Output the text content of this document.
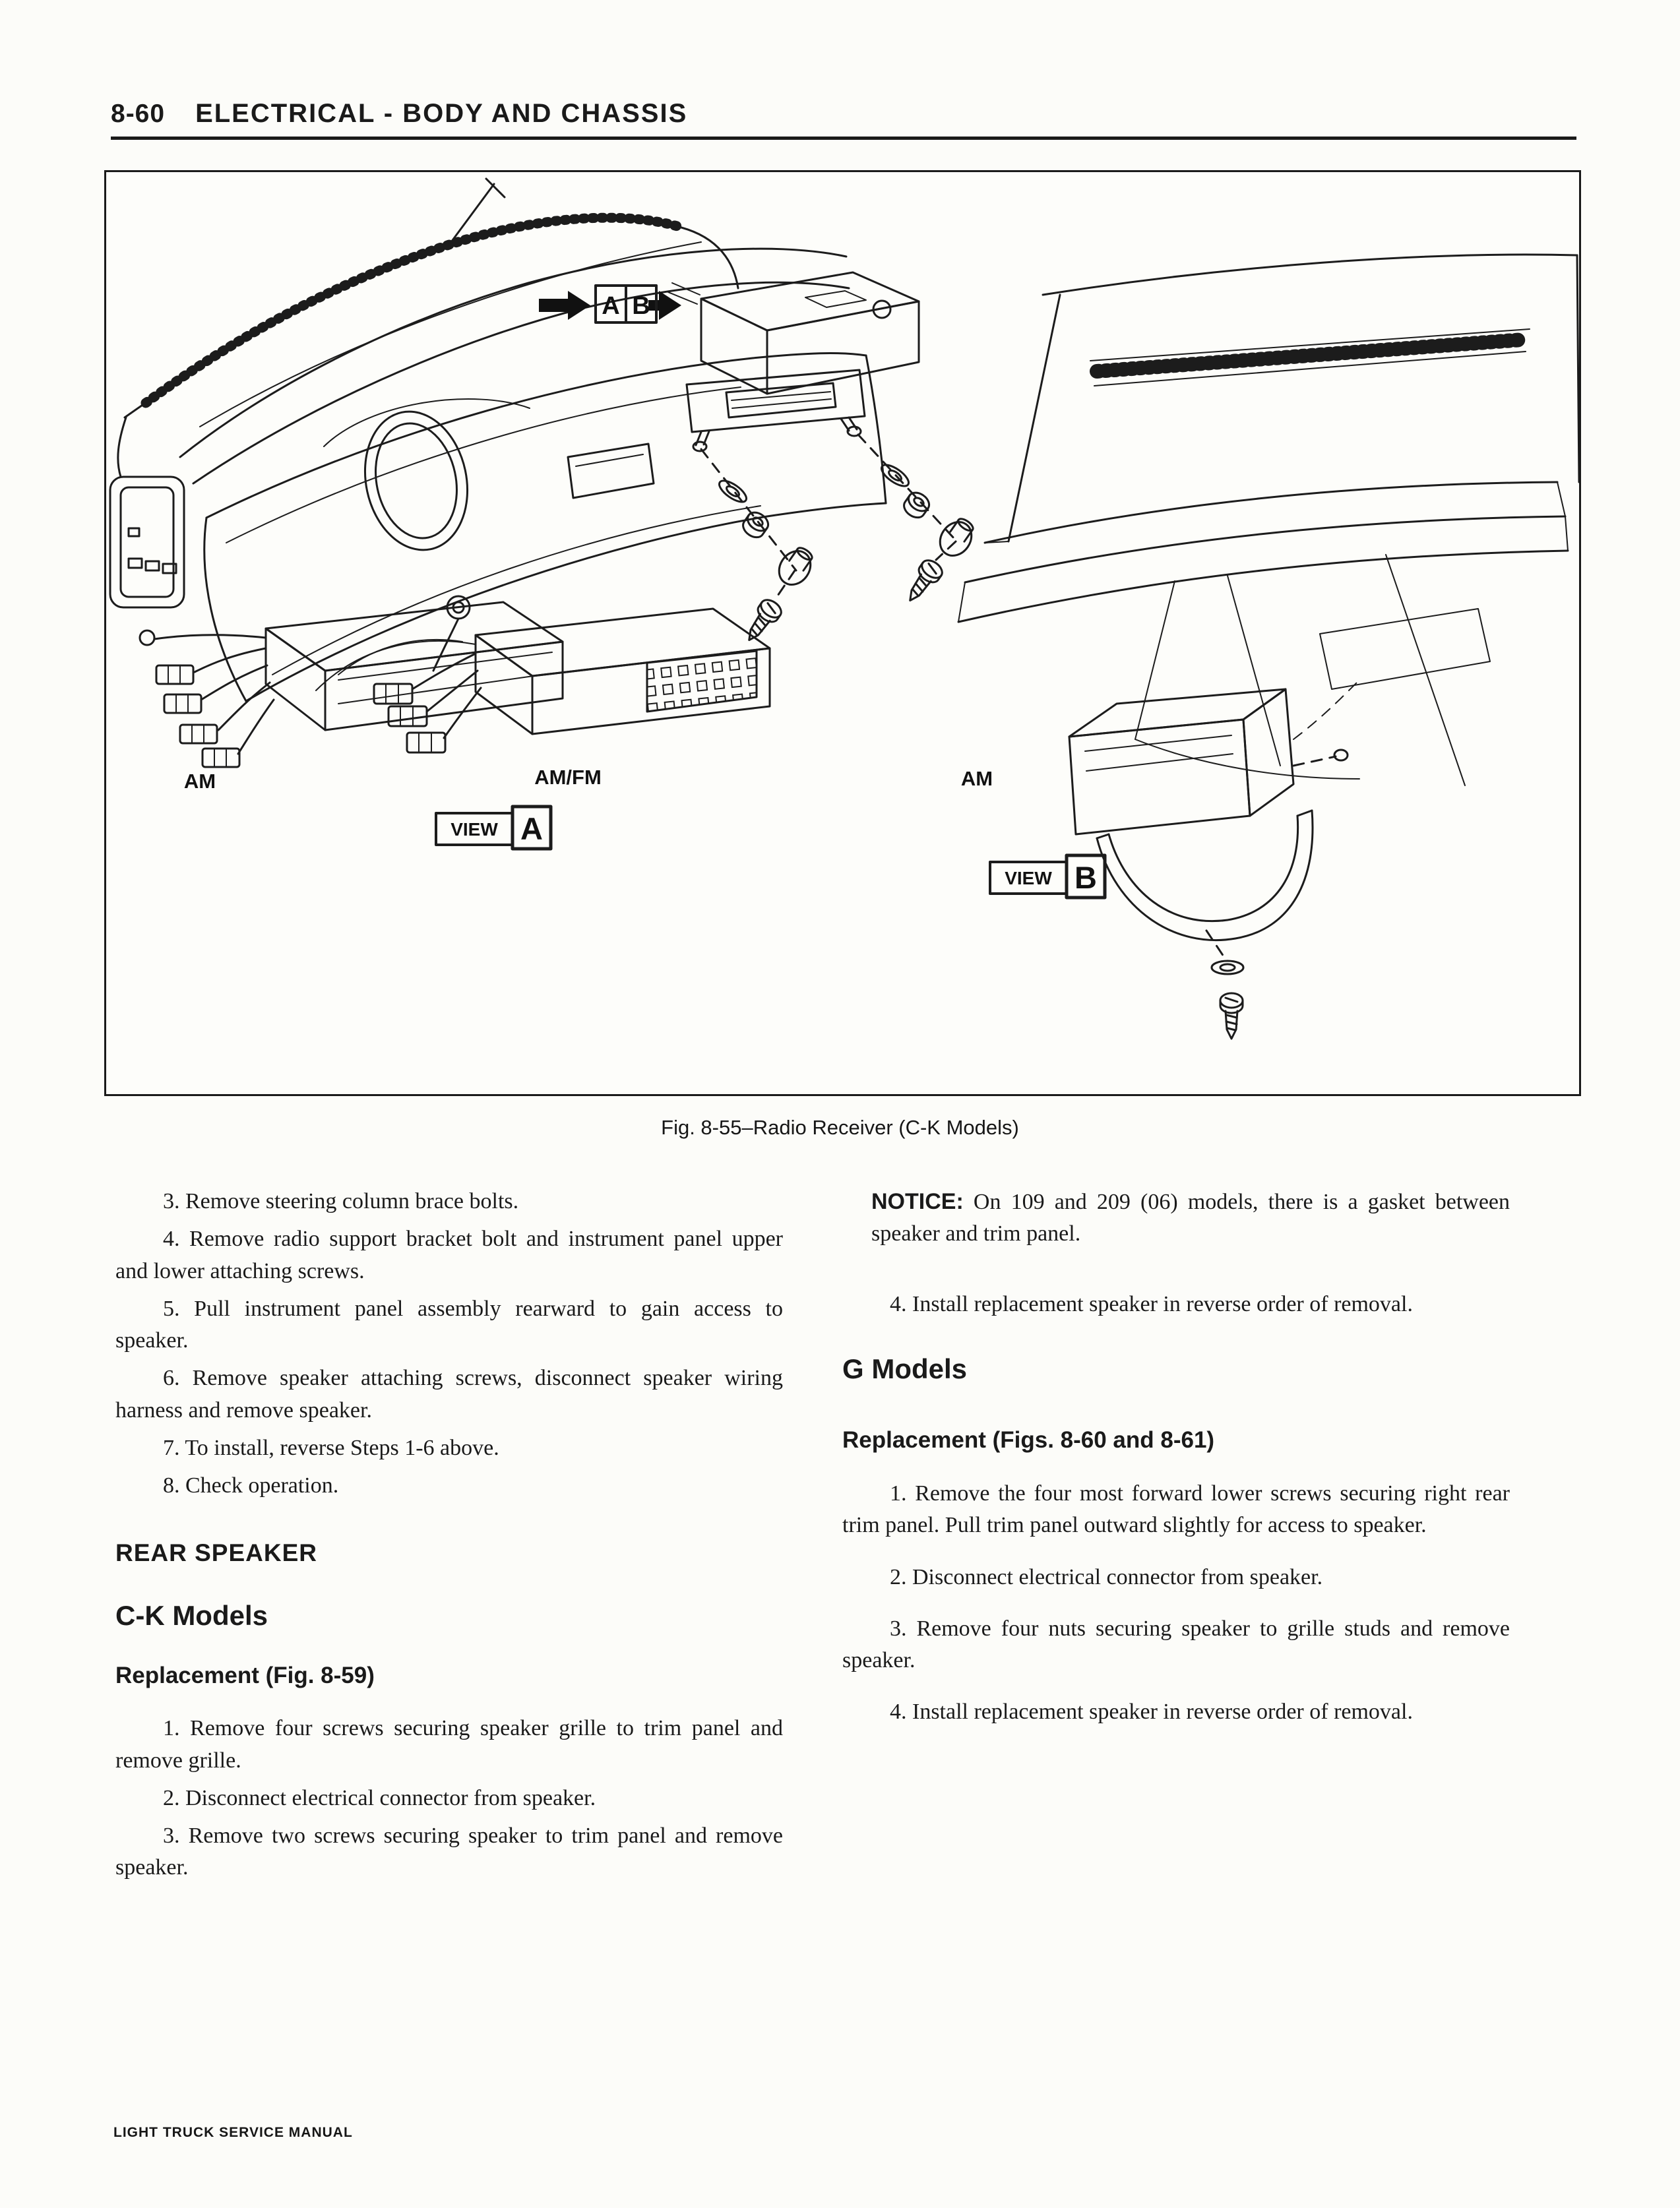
8-60 ELECTRICAL - BODY AND CHASSIS
A B
AM	AM/FM
VIEW A
AM
VIEW B
Fig. 8-55–Radio Receiver (C-K Models)

3. Remove steering column brace bolts.

4. Remove radio support bracket bolt and instrument panel upper and lower attaching screws.

5. Pull instrument panel assembly rearward to gain access to speaker.

6. Remove speaker attaching screws, disconnect speaker wiring harness and remove speaker.

7. To install, reverse Steps 1-6 above.

8. Check operation.

REAR SPEAKER
C-K Models
Replacement (Fig. 8-59)

1. Remove four screws securing speaker grille to trim panel and remove grille.

2. Disconnect electrical connector from speaker.

3. Remove two screws securing speaker to trim panel and remove speaker.

NOTICE: On 109 and 209 (06) models, there is a gasket between speaker and trim panel.

4. Install replacement speaker in reverse order of removal.

G Models
Replacement (Figs. 8-60 and 8-61)

1. Remove the four most forward lower screws securing right rear trim panel. Pull trim panel outward slightly for access to speaker.

2. Disconnect electrical connector from speaker.

3. Remove four nuts securing speaker to grille studs and remove speaker.

4. Install replacement speaker in reverse order of removal.

LIGHT TRUCK SERVICE MANUAL
